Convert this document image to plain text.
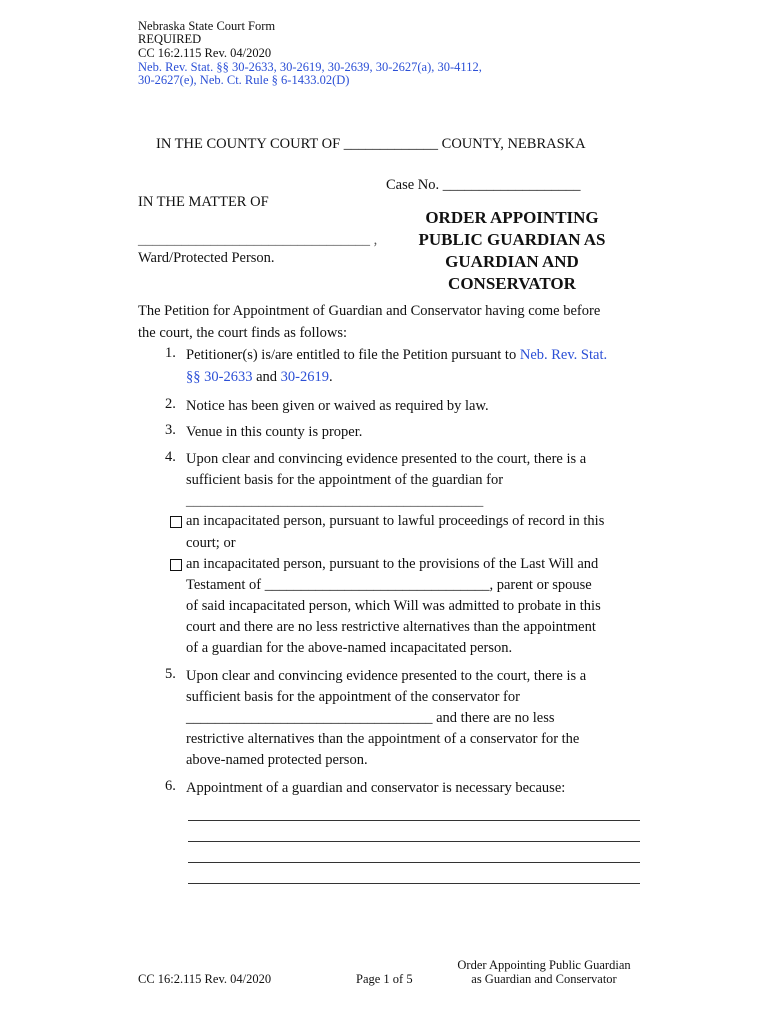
Nebraska State Court Form
REQUIRED
CC 16:2.115 Rev. 04/2020
Neb. Rev. Stat. §§ 30-2633, 30-2619, 30-2639, 30-2627(a), 30-4112,
30-2627(e), Neb. Ct. Rule § 6-1433.02(D)
IN THE COUNTY COURT OF _____________ COUNTY, NEBRASKA
Case No. ___________________
IN THE MATTER OF
________________________________ ,
Ward/Protected Person.
ORDER APPOINTING
PUBLIC GUARDIAN AS
GUARDIAN AND
CONSERVATOR
The Petition for Appointment of Guardian and Conservator having come before
the court, the court finds as follows:
1. Petitioner(s) is/are entitled to file the Petition pursuant to Neb. Rev. Stat.
§§ 30-2633 and 30-2619.
2. Notice has been given or waived as required by law.
3. Venue in this county is proper.
4. Upon clear and convincing evidence presented to the court, there is a
sufficient basis for the appointment of the guardian for
_________________________________________
an incapacitated person, pursuant to lawful proceedings of record in this
court; or
an incapacitated person, pursuant to the provisions of the Last Will and
Testament of _______________________________, parent or spouse
of said incapacitated person, which Will was admitted to probate in this
court and there are no less restrictive alternatives than the appointment
of a guardian for the above-named incapacitated person.
5. Upon clear and convincing evidence presented to the court, there is a
sufficient basis for the appointment of the conservator for
__________________________________ and there are no less
restrictive alternatives than the appointment of a conservator for the
above-named protected person.
6. Appointment of a guardian and conservator is necessary because:
CC 16:2.115 Rev. 04/2020	Page 1 of 5
Order Appointing Public Guardian
as Guardian and Conservator
